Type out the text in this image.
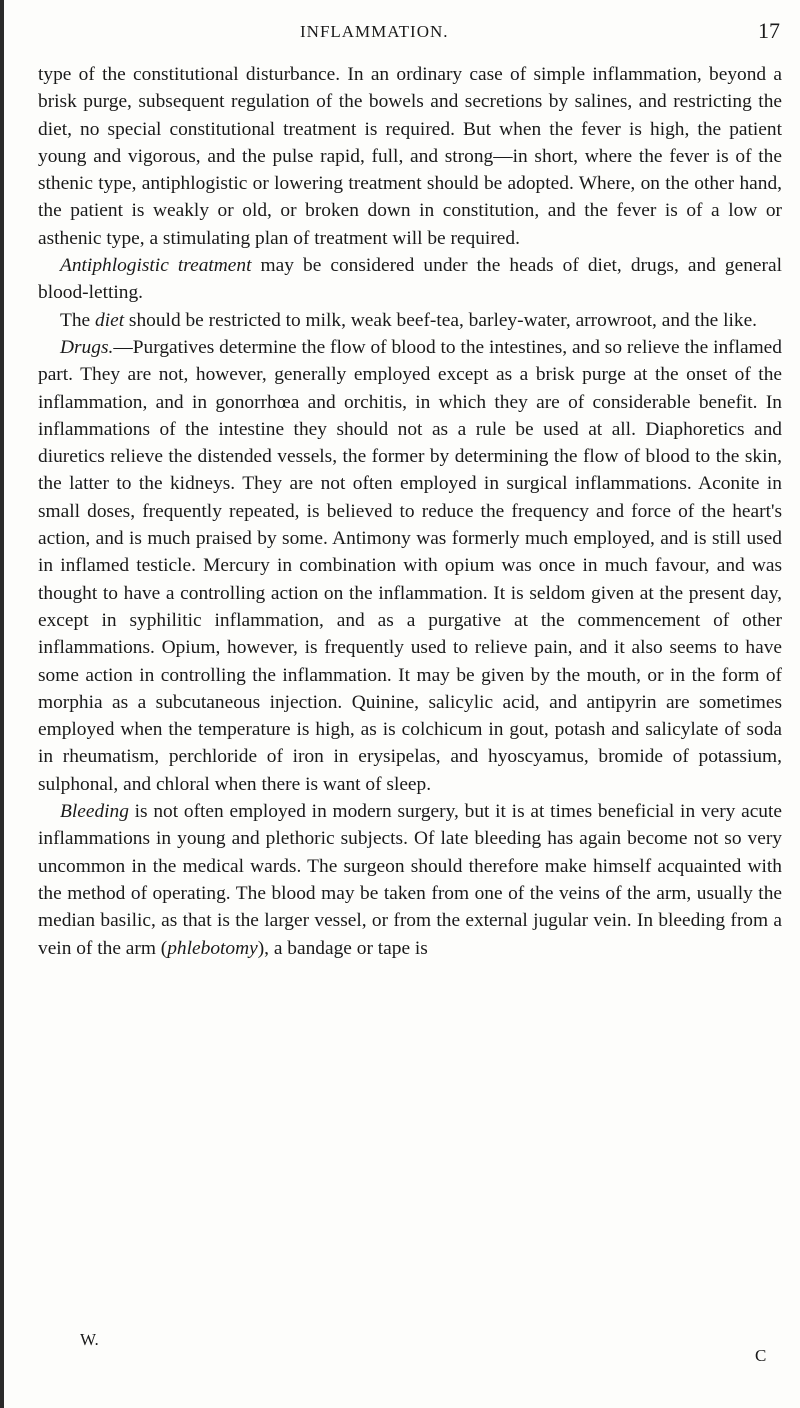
INFLAMMATION.	17

type of the constitutional disturbance. In an ordinary case of simple inflammation, beyond a brisk purge, subsequent regulation of the bowels and secretions by salines, and restricting the diet, no special constitutional treatment is required. But when the fever is high, the patient young and vigorous, and the pulse rapid, full, and strong—in short, where the fever is of the sthenic type, antiphlogistic or lowering treatment should be adopted. Where, on the other hand, the patient is weakly or old, or broken down in constitution, and the fever is of a low or asthenic type, a stimulating plan of treatment will be required.

Antiphlogistic treatment may be considered under the heads of diet, drugs, and general blood-letting.

The diet should be restricted to milk, weak beef-tea, barley-water, arrowroot, and the like.

Drugs.—Purgatives determine the flow of blood to the intestines, and so relieve the inflamed part. They are not, however, generally employed except as a brisk purge at the onset of the inflammation, and in gonorrhœa and orchitis, in which they are of considerable benefit. In inflammations of the intestine they should not as a rule be used at all. Diaphoretics and diuretics relieve the distended vessels, the former by determining the flow of blood to the skin, the latter to the kidneys. They are not often employed in surgical inflammations. Aconite in small doses, frequently repeated, is believed to reduce the frequency and force of the heart's action, and is much praised by some. Antimony was formerly much employed, and is still used in inflamed testicle. Mercury in combination with opium was once in much favour, and was thought to have a controlling action on the inflammation. It is seldom given at the present day, except in syphilitic inflammation, and as a purgative at the commencement of other inflammations. Opium, however, is frequently used to relieve pain, and it also seems to have some action in controlling the inflammation. It may be given by the mouth, or in the form of morphia as a subcutaneous injection. Quinine, salicylic acid, and antipyrin are sometimes employed when the temperature is high, as is colchicum in gout, potash and salicylate of soda in rheumatism, perchloride of iron in erysipelas, and hyoscyamus, bromide of potassium, sulphonal, and chloral when there is want of sleep.

Bleeding is not often employed in modern surgery, but it is at times beneficial in very acute inflammations in young and plethoric subjects. Of late bleeding has again become not so very uncommon in the medical wards. The surgeon should therefore make himself acquainted with the method of operating. The blood may be taken from one of the veins of the arm, usually the median basilic, as that is the larger vessel, or from the external jugular vein. In bleeding from a vein of the arm (phlebotomy), a bandage or tape is

W.
C
